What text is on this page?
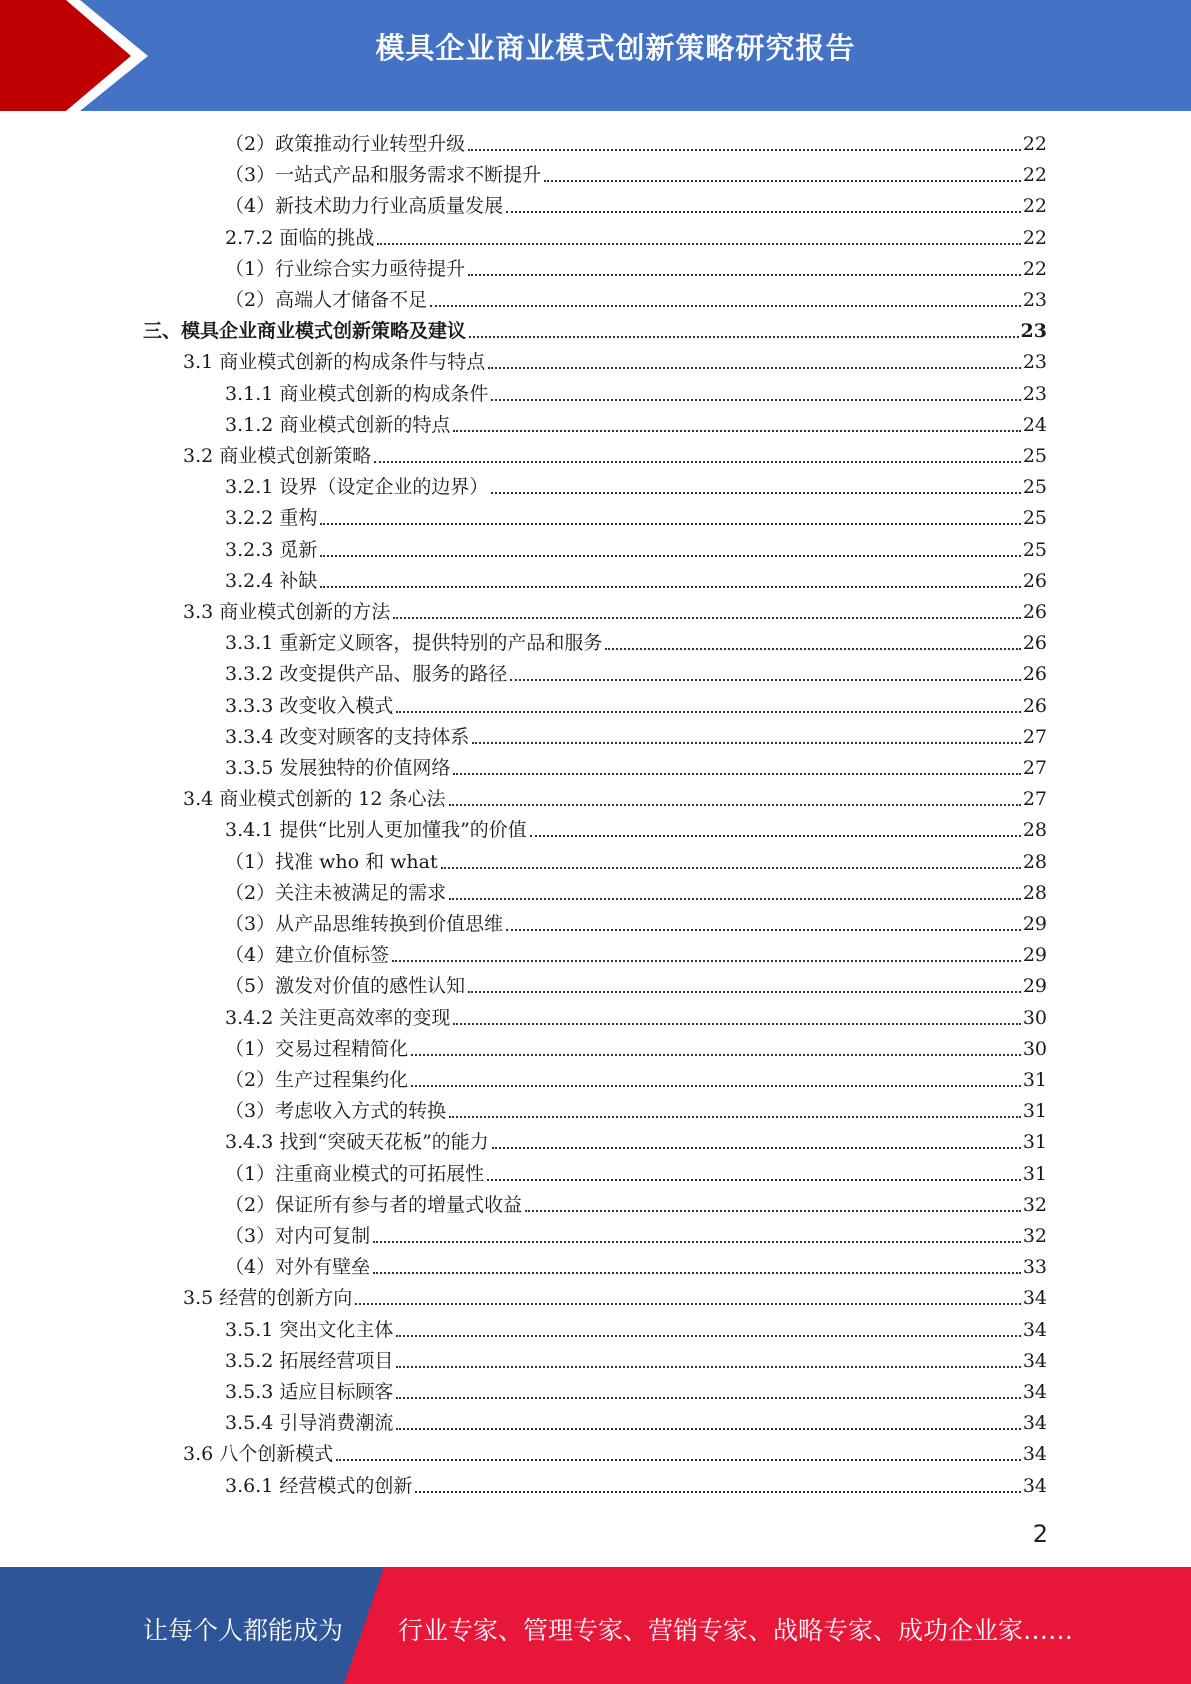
模具企业商业模式创新策略研究报告
（2）政策推动行业转型升级	22
（3）一站式产品和服务需求不断提升	22
（4）新技术助力行业高质量发展	22
2.7.2 面临的挑战	22
（1）行业综合实力亟待提升	22
（2）高端人才储备不足	23
三、模具企业商业模式创新策略及建议	23
3.1 商业模式创新的构成条件与特点	23
3.1.1 商业模式创新的构成条件	23
3.1.2 商业模式创新的特点	24
3.2 商业模式创新策略	25
3.2.1 设界（设定企业的边界）	25
3.2.2 重构	25
3.2.3 觅新	25
3.2.4 补缺	26
3.3 商业模式创新的方法	26
3.3.1 重新定义顾客，提供特别的产品和服务	26
3.3.2 改变提供产品、服务的路径	26
3.3.3 改变收入模式	26
3.3.4 改变对顾客的支持体系	27
3.3.5 发展独特的价值网络	27
3.4 商业模式创新的 12 条心法	27
3.4.1 提供“比别人更加懂我”的价值	28
（1）找准 who 和 what	28
（2）关注未被满足的需求	28
（3）从产品思维转换到价值思维	29
（4）建立价值标签	29
（5）激发对价值的感性认知	29
3.4.2 关注更高效率的变现	30
（1）交易过程精简化	30
（2）生产过程集约化	31
（3）考虑收入方式的转换	31
3.4.3 找到“突破天花板”的能力	31
（1）注重商业模式的可拓展性	31
（2）保证所有参与者的增量式收益	32
（3）对内可复制	32
（4）对外有壁垒	33
3.5 经营的创新方向	34
3.5.1 突出文化主体	34
3.5.2 拓展经营项目	34
3.5.3 适应目标顾客	34
3.5.4 引导消费潮流	34
3.6 八个创新模式	34
3.6.1 经营模式的创新	34
2
让每个人都能成为 行业专家、管理专家、营销专家、战略专家、成功企业家……
